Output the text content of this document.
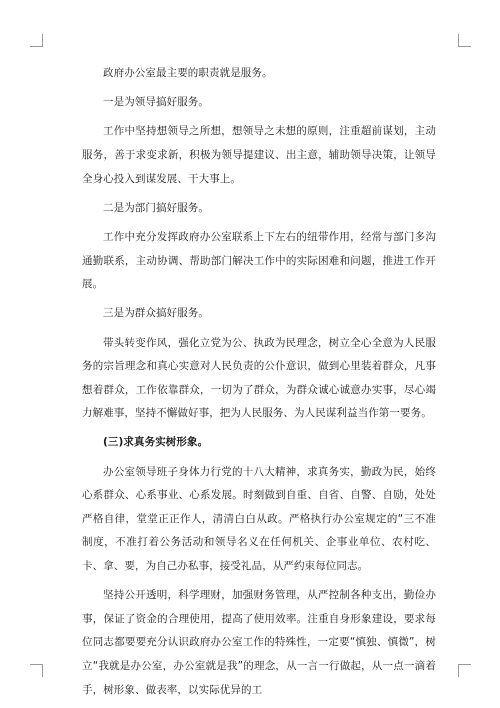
政府办公室最主要的职责就是服务。

一是为领导搞好服务。

工作中坚持想领导之所想，想领导之未想的原则，注重超前谋划，主动服务，善于求变求新，积极为领导提建议、出主意，辅助领导决策，让领导全身心投入到谋发展、干大事上。

二是为部门搞好服务。

工作中充分发挥政府办公室联系上下左右的纽带作用，经常与部门多沟通勤联系，主动协调、帮助部门解决工作中的实际困难和问题，推进工作开展。

三是为群众搞好服务。

带头转变作风，强化立党为公、执政为民理念，树立全心全意为人民服务的宗旨理念和真心实意对人民负责的公仆意识，做到心里装着群众，凡事想着群众，工作依靠群众，一切为了群众，为群众诚心诚意办实事，尽心竭力解难事，坚持不懈做好事，把为人民服务、为人民谋利益当作第一要务。

(三)求真务实树形象。

办公室领导班子身体力行党的十八大精神，求真务实，勤政为民，始终心系群众、心系事业、心系发展。时刻做到自重、自省、自警、自励，处处严格自律，堂堂正正作人，清清白白从政。严格执行办公室规定的“三不准制度，不准打着公务活动和领导名义在任何机关、企事业单位、农村吃、卡、拿、要，为自己办私事，接受礼品，从严约束每位同志。

坚持公开透明，科学理财，加强财务管理，从严控制各种支出，勤俭办事，保证了资金的合理使用，提高了使用效率。注重自身形象建设，要求每位同志都要要充分认识政府办公室工作的特殊性，一定要“慎独、慎微”，树立“我就是办公室，办公室就是我”的理念，从一言一行做起，从一点一滴着手，树形象、做表率，以实际优异的工
